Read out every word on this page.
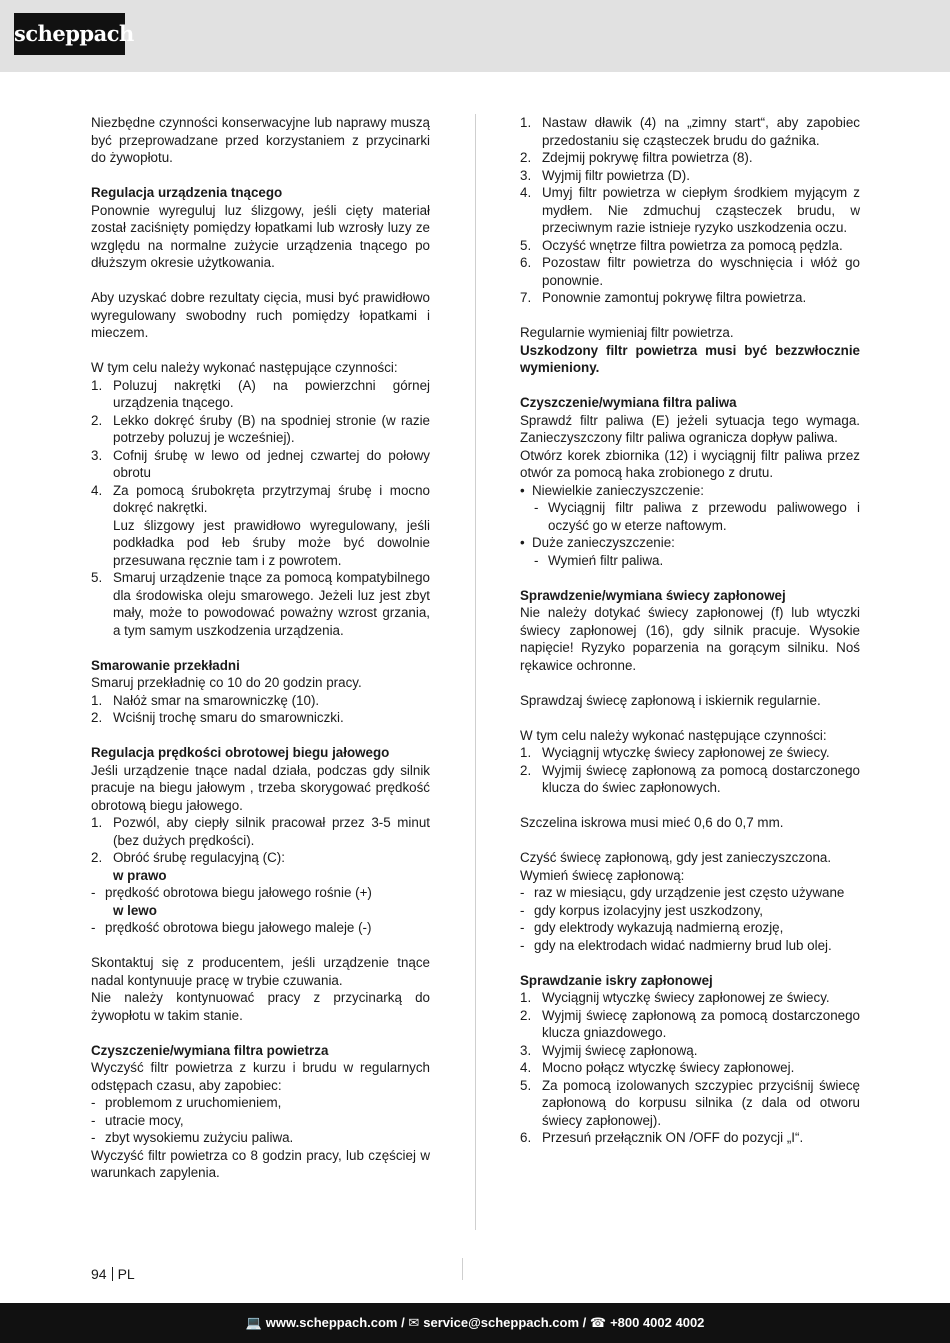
scheppach

Niezbędne czynności konserwacyjne lub naprawy muszą być przeprowadzane przed korzystaniem z przycinarki do żywopłotu.

Regulacja urządzenia tnącego

Ponownie wyreguluj luz ślizgowy, jeśli cięty materiał został zaciśnięty pomiędzy łopatkami lub wzrosły luzy ze względu na normalne zużycie urządzenia tnącego po dłuższym okresie użytkowania.

Aby uzyskać dobre rezultaty cięcia, musi być prawidłowo wyregulowany swobodny ruch pomiędzy łopatkami i mieczem.

W tym celu należy wykonać następujące czynności:

1. Poluzuj nakrętki (A) na powierzchni górnej urządzenia tnącego.
2. Lekko dokręć śruby (B) na spodniej stronie (w razie potrzeby poluzuj je wcześniej).
3. Cofnij śrubę w lewo od jednej czwartej do połowy obrotu
4. Za pomocą śrubokręta przytrzymaj śrubę i mocno dokręć nakrętki.
Luz ślizgowy jest prawidłowo wyregulowany, jeśli podkładka pod łeb śruby może być dowolnie przesuwana ręcznie tam i z powrotem.
5. Smaruj urządzenie tnące za pomocą kompatybilnego dla środowiska oleju smarowego. Jeżeli luz jest zbyt mały, może to powodować poważny wzrost grzania, a tym samym uszkodzenia urządzenia.

Smarowanie przekładni

Smaruj przekładnię co 10 do 20 godzin pracy.

1. Nałóż smar na smarowniczkę (10).
2. Wciśnij trochę smaru do smarowniczki.

Regulacja prędkości obrotowej biegu jałowego

Jeśli urządzenie tnące nadal działa, podczas gdy silnik pracuje na biegu jałowym , trzeba skorygować prędkość obrotową biegu jałowego.

1. Pozwól, aby ciepły silnik pracował przez 3-5 minut (bez dużych prędkości).
2. Obróć śrubę regulacyjną (C):

w prawo

- prędkość obrotowa biegu jałowego rośnie (+)

w lewo

- prędkość obrotowa biegu jałowego maleje (-)

Skontaktuj się z producentem, jeśli urządzenie tnące nadal kontynuuje pracę w trybie czuwania.

Nie należy kontynuować pracy z przycinarką do żywopłotu w takim stanie.

Czyszczenie/wymiana filtra powietrza

Wyczyść filtr powietrza z kurzu i brudu w regularnych odstępach czasu, aby zapobiec:

- problemom z uruchomieniem,
- utracie mocy,
- zbyt wysokiemu zużyciu paliwa.

Wyczyść filtr powietrza co 8 godzin pracy, lub częściej w warunkach zapylenia.

1. Nastaw dławik (4) na „zimny start“, aby zapobiec przedostaniu się cząsteczek brudu do gaźnika.
2. Zdejmij pokrywę filtra powietrza (8).
3. Wyjmij filtr powietrza (D).
4. Umyj filtr powietrza w ciepłym środkiem myjącym z mydłem. Nie zdmuchuj cząsteczek brudu, w przeciwnym razie istnieje ryzyko uszkodzenia oczu.
5. Oczyść wnętrze filtra powietrza za pomocą pędzla.
6. Pozostaw filtr powietrza do wyschnięcia i włóż go ponownie.
7. Ponownie zamontuj pokrywę filtra powietrza.

Regularnie wymieniaj filtr powietrza.

Uszkodzony filtr powietrza musi być bezzwłocznie wymieniony.

Czyszczenie/wymiana filtra paliwa

Sprawdź filtr paliwa (E) jeżeli sytuacja tego wymaga. Zanieczyszczony filtr paliwa ogranicza dopływ paliwa.

Otwórz korek zbiornika (12) i wyciągnij filtr paliwa przez otwór za pomocą haka zrobionego z drutu.

• Niewielkie zanieczyszczenie:
- Wyciągnij filtr paliwa z przewodu paliwowego i oczyść go w eterze naftowym.
• Duże zanieczyszczenie:
- Wymień filtr paliwa.

Sprawdzenie/wymiana świecy zapłonowej

Nie należy dotykać świecy zapłonowej (f) lub wtyczki świecy zapłonowej (16), gdy silnik pracuje. Wysokie napięcie! Ryzyko poparzenia na gorącym silniku. Noś rękawice ochronne.

Sprawdzaj świecę zapłonową i iskiernik regularnie.

W tym celu należy wykonać następujące czynności:

1. Wyciągnij wtyczkę świecy zapłonowej ze świecy.
2. Wyjmij świecę zapłonową za pomocą dostarczonego klucza do świec zapłonowych.

Szczelina iskrowa musi mieć 0,6 do 0,7 mm.

Czyść świecę zapłonową, gdy jest zanieczyszczona.

Wymień świecę zapłonową:

- raz w miesiącu, gdy urządzenie jest często używane
- gdy korpus izolacyjny jest uszkodzony,
- gdy elektrody wykazują nadmierną erozję,
- gdy na elektrodach widać nadmierny brud lub olej.

Sprawdzanie iskry zapłonowej

1. Wyciągnij wtyczkę świecy zapłonowej ze świecy.
2. Wyjmij świecę zapłonową za pomocą dostarczonego klucza gniazdowego.
3. Wyjmij świecę zapłonową.
4. Mocno połącz wtyczkę świecy zapłonowej.
5. Za pomocą izolowanych szczypiec przyciśnij świecę zapłonową do korpusu silnika (z dala od otworu świecy zapłonowej).
6. Przesuń przełącznik ON /OFF do pozycji „I“.
94 PL
💻 www.scheppach.com / ✉ service@scheppach.com / ☎ +800 4002 4002
